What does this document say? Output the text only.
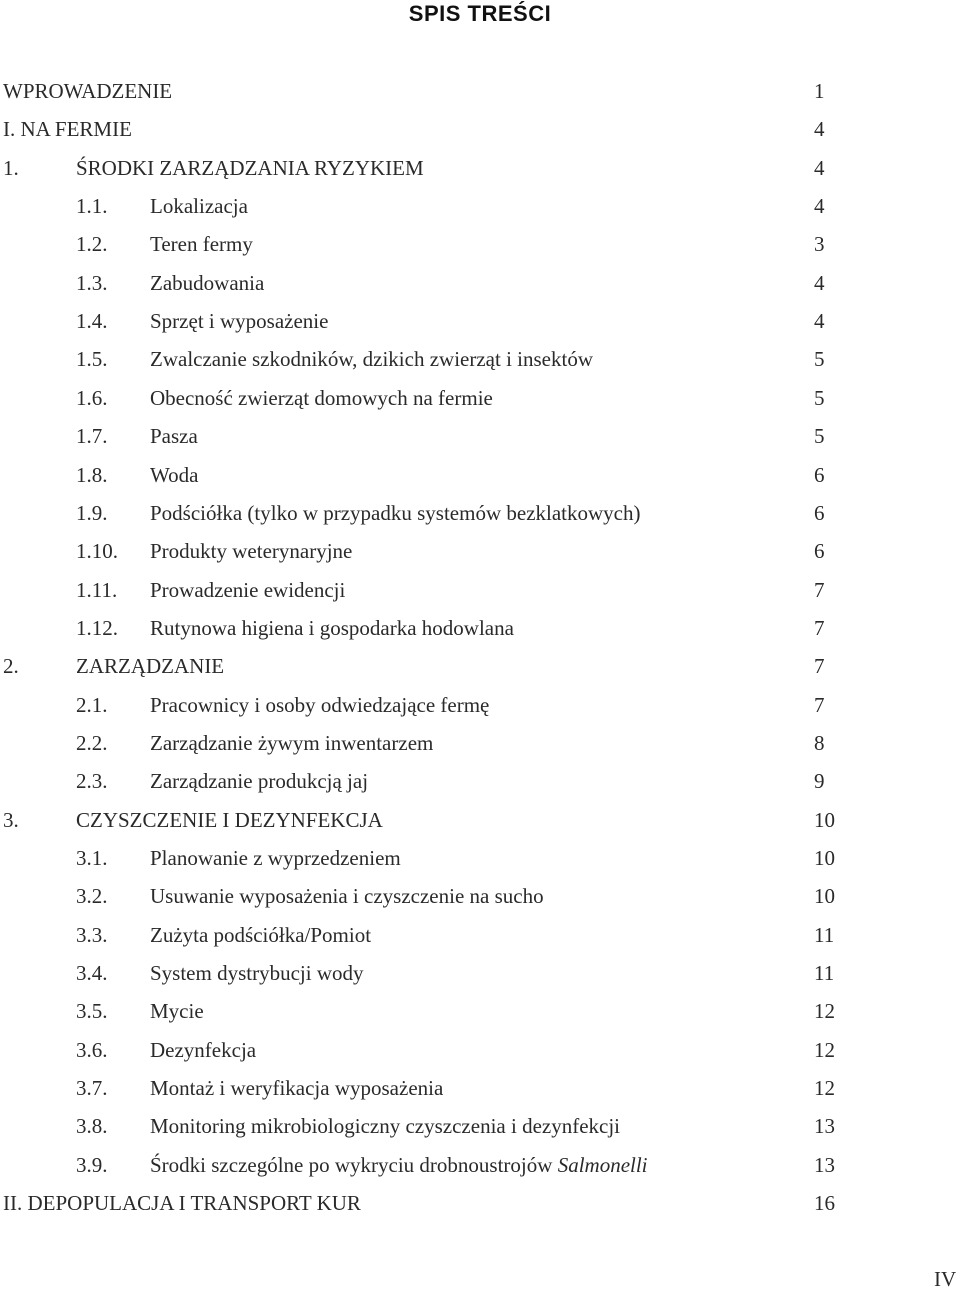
SPIS TREŚCI
WPROWADZENIE	1
I. NA FERMIE	4
1.	ŚRODKI ZARZĄDZANIA RYZYKIEM	4
1.1. Lokalizacja	4
1.2. Teren fermy	3
1.3. Zabudowania	4
1.4. Sprzęt i wyposażenie	4
1.5. Zwalczanie szkodników, dzikich zwierząt i insektów	5
1.6. Obecność zwierząt domowych na fermie	5
1.7. Pasza	5
1.8. Woda	6
1.9. Podściółka (tylko w przypadku systemów bezklatkowych)	6
1.10. Produkty weterynaryjne	6
1.11. Prowadzenie ewidencji	7
1.12. Rutynowa higiena i gospodarka hodowlana	7
2.	ZARZĄDZANIE	7
2.1. Pracownicy i osoby odwiedzające fermę	7
2.2. Zarządzanie żywym inwentarzem	8
2.3. Zarządzanie produkcją jaj	9
3.	CZYSZCZENIE I DEZYNFEKCJA	10
3.1. Planowanie z wyprzedzeniem	10
3.2. Usuwanie wyposażenia i czyszczenie na sucho	10
3.3. Zużyta podściółka/Pomiot	11
3.4. System dystrybucji wody	11
3.5. Mycie	12
3.6. Dezynfekcja	12
3.7. Montaż i weryfikacja wyposażenia	12
3.8. Monitoring mikrobiologiczny czyszczenia i dezynfekcji	13
3.9. Środki szczególne po wykryciu drobnoustrojów Salmonelli	13
II. DEPOPULACJA I TRANSPORT KUR	16
IV
